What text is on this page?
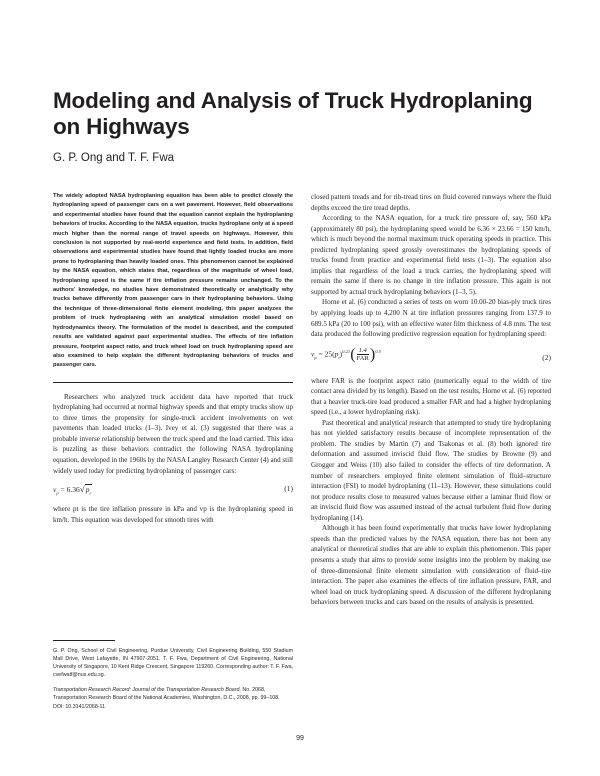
Modeling and Analysis of Truck Hydroplaning on Highways
G. P. Ong and T. F. Fwa

The widely adopted NASA hydroplaning equation has been able to predict closely the hydroplaning speed of passenger cars on a wet pavement. However, field observations and experimental studies have found that the equation cannot explain the hydroplaning behaviors of trucks. According to the NASA equation, trucks hydroplane only at a speed much higher than the normal range of travel speeds on highways. However, this conclusion is not supported by real-world experience and field tests. In addition, field observations and experimental studies have found that lightly loaded trucks are more prone to hydroplaning than heavily loaded ones. This phenomenon cannot be explained by the NASA equation, which states that, regardless of the magnitude of wheel load, hydroplaning speed is the same if tire inflation pressure remains unchanged. To the authors' knowledge, no studies have demonstrated theoretically or analytically why trucks behave differently from passenger cars in their hydroplaning behaviors. Using the technique of three-dimensional finite element modeling, this paper analyzes the problem of truck hydroplaning with an analytical simulation model based on hydrodynamics theory. The formulation of the model is described, and the computed results are validated against past experimental studies. The effects of tire inflation pressure, footprint aspect ratio, and truck wheel load on truck hydroplaning speed are also examined to help explain the different hydroplaning behaviors of trucks and passenger cars.

Researchers who analyzed truck accident data have reported that truck hydroplaning had occurred at normal highway speeds and that empty trucks show up to three times the propensity for single-truck accident involvements on wet pavements than loaded trucks (1–3). Ivey et al. (3) suggested that there was a probable inverse relationship between the truck speed and the load carried. This idea is puzzling as these behaviors contradict the following NASA hydroplaning equation, developed in the 1960s by the NASA Langley Research Center (4) and still widely used today for predicting hydroplaning of passenger cars:

$v_p = 6.36√p_t$	(1)

where pt is the tire inflation pressure in kPa and vp is the hydroplaning speed in km/h. This equation was developed for smooth tires with

G. P. Ong, School of Civil Engineering, Purdue University, Civil Engineering Building, 550 Stadium Mall Drive, West Lafayette, IN 47907-2051. T. F. Fwa, Department of Civil Engineering, National University of Singapore, 10 Kent Ridge Crescent, Singapore 119260. Corresponding author: T. F. Fwa, cvefwatf@nus.edu.sg.

Transportation Research Record: Journal of the Transportation Research Board, No. 2068, Transportation Research Board of the National Academies, Washington, D.C., 2008, pp. 99–108.

DOI: 10.3141/2068-11

closed pattern treads and for rib-tread tires on fluid covered runways where the fluid depths exceed the tire tread depths.

According to the NASA equation, for a truck tire pressure of, say, 560 kPa (approximately 80 psi), the hydroplaning speed would be 6.36 × 23.66 = 150 km/h, which is much beyond the normal maximum truck operating speeds in practice. This predicted hydroplaning speed grossly overestimates the hydroplaning speeds of trucks found from practice and experimental field tests (1–3). The equation also implies that regardless of the load a truck carries, the hydroplaning speed will remain the same if there is no change in tire inflation pressure. This again is not supported by actual truck hydroplaning behaviors (1–3, 5).

Horne et al. (6) conducted a series of tests on worn 10.00-20 bias-ply truck tires by applying loads up to 4,200 N at tire inflation pressures ranging from 137.9 to 689.5 kPa (20 to 100 psi), with an effective water film thickness of 4.8 mm. The test data produced the following predictive regression equation for hydroplaning speed:

$v_p = 25(p_t)^{0.21}( \frac{1.4}{\text{FAR}} )^{0.5}$
(2)

where FAR is the footprint aspect ratio (numerically equal to the width of tire contact area divided by its length). Based on the test results, Horne et al. (6) reported that a heavier truck-tire load produced a smaller FAR and had a higher hydroplaning speed (i.e., a lower hydroplaning risk).

Past theoretical and analytical research that attempted to study tire hydroplaning has not yielded satisfactory results because of incomplete representation of the problem. The studies by Martin (7) and Tsakonas et al. (8) both ignored tire deformation and assumed inviscid fluid flow. The studies by Browne (9) and Grogger and Weiss (10) also failed to consider the effects of tire deformation. A number of researchers employed finite element simulation of fluid–structure interaction (FSI) to model hydroplaning (11–13). However, these simulations could not produce results close to measured values because either a laminar fluid flow or an inviscid fluid flow was assumed instead of the actual turbulent fluid flow during hydroplaning (14).

Although it has been found experimentally that trucks have lower hydroplaning speeds than the predicted values by the NASA equation, there has not been any analytical or theoretical studies that are able to explain this phenomenon. This paper presents a study that aims to provide some insights into the problem by making use of three-dimensional finite element simulation with consideration of fluid–tire interaction. The paper also examines the effects of tire inflation pressure, FAR, and wheel load on truck hydroplaning speed. A discussion of the different hydroplaning behaviors between trucks and cars based on the results of analysis is presented.

99
